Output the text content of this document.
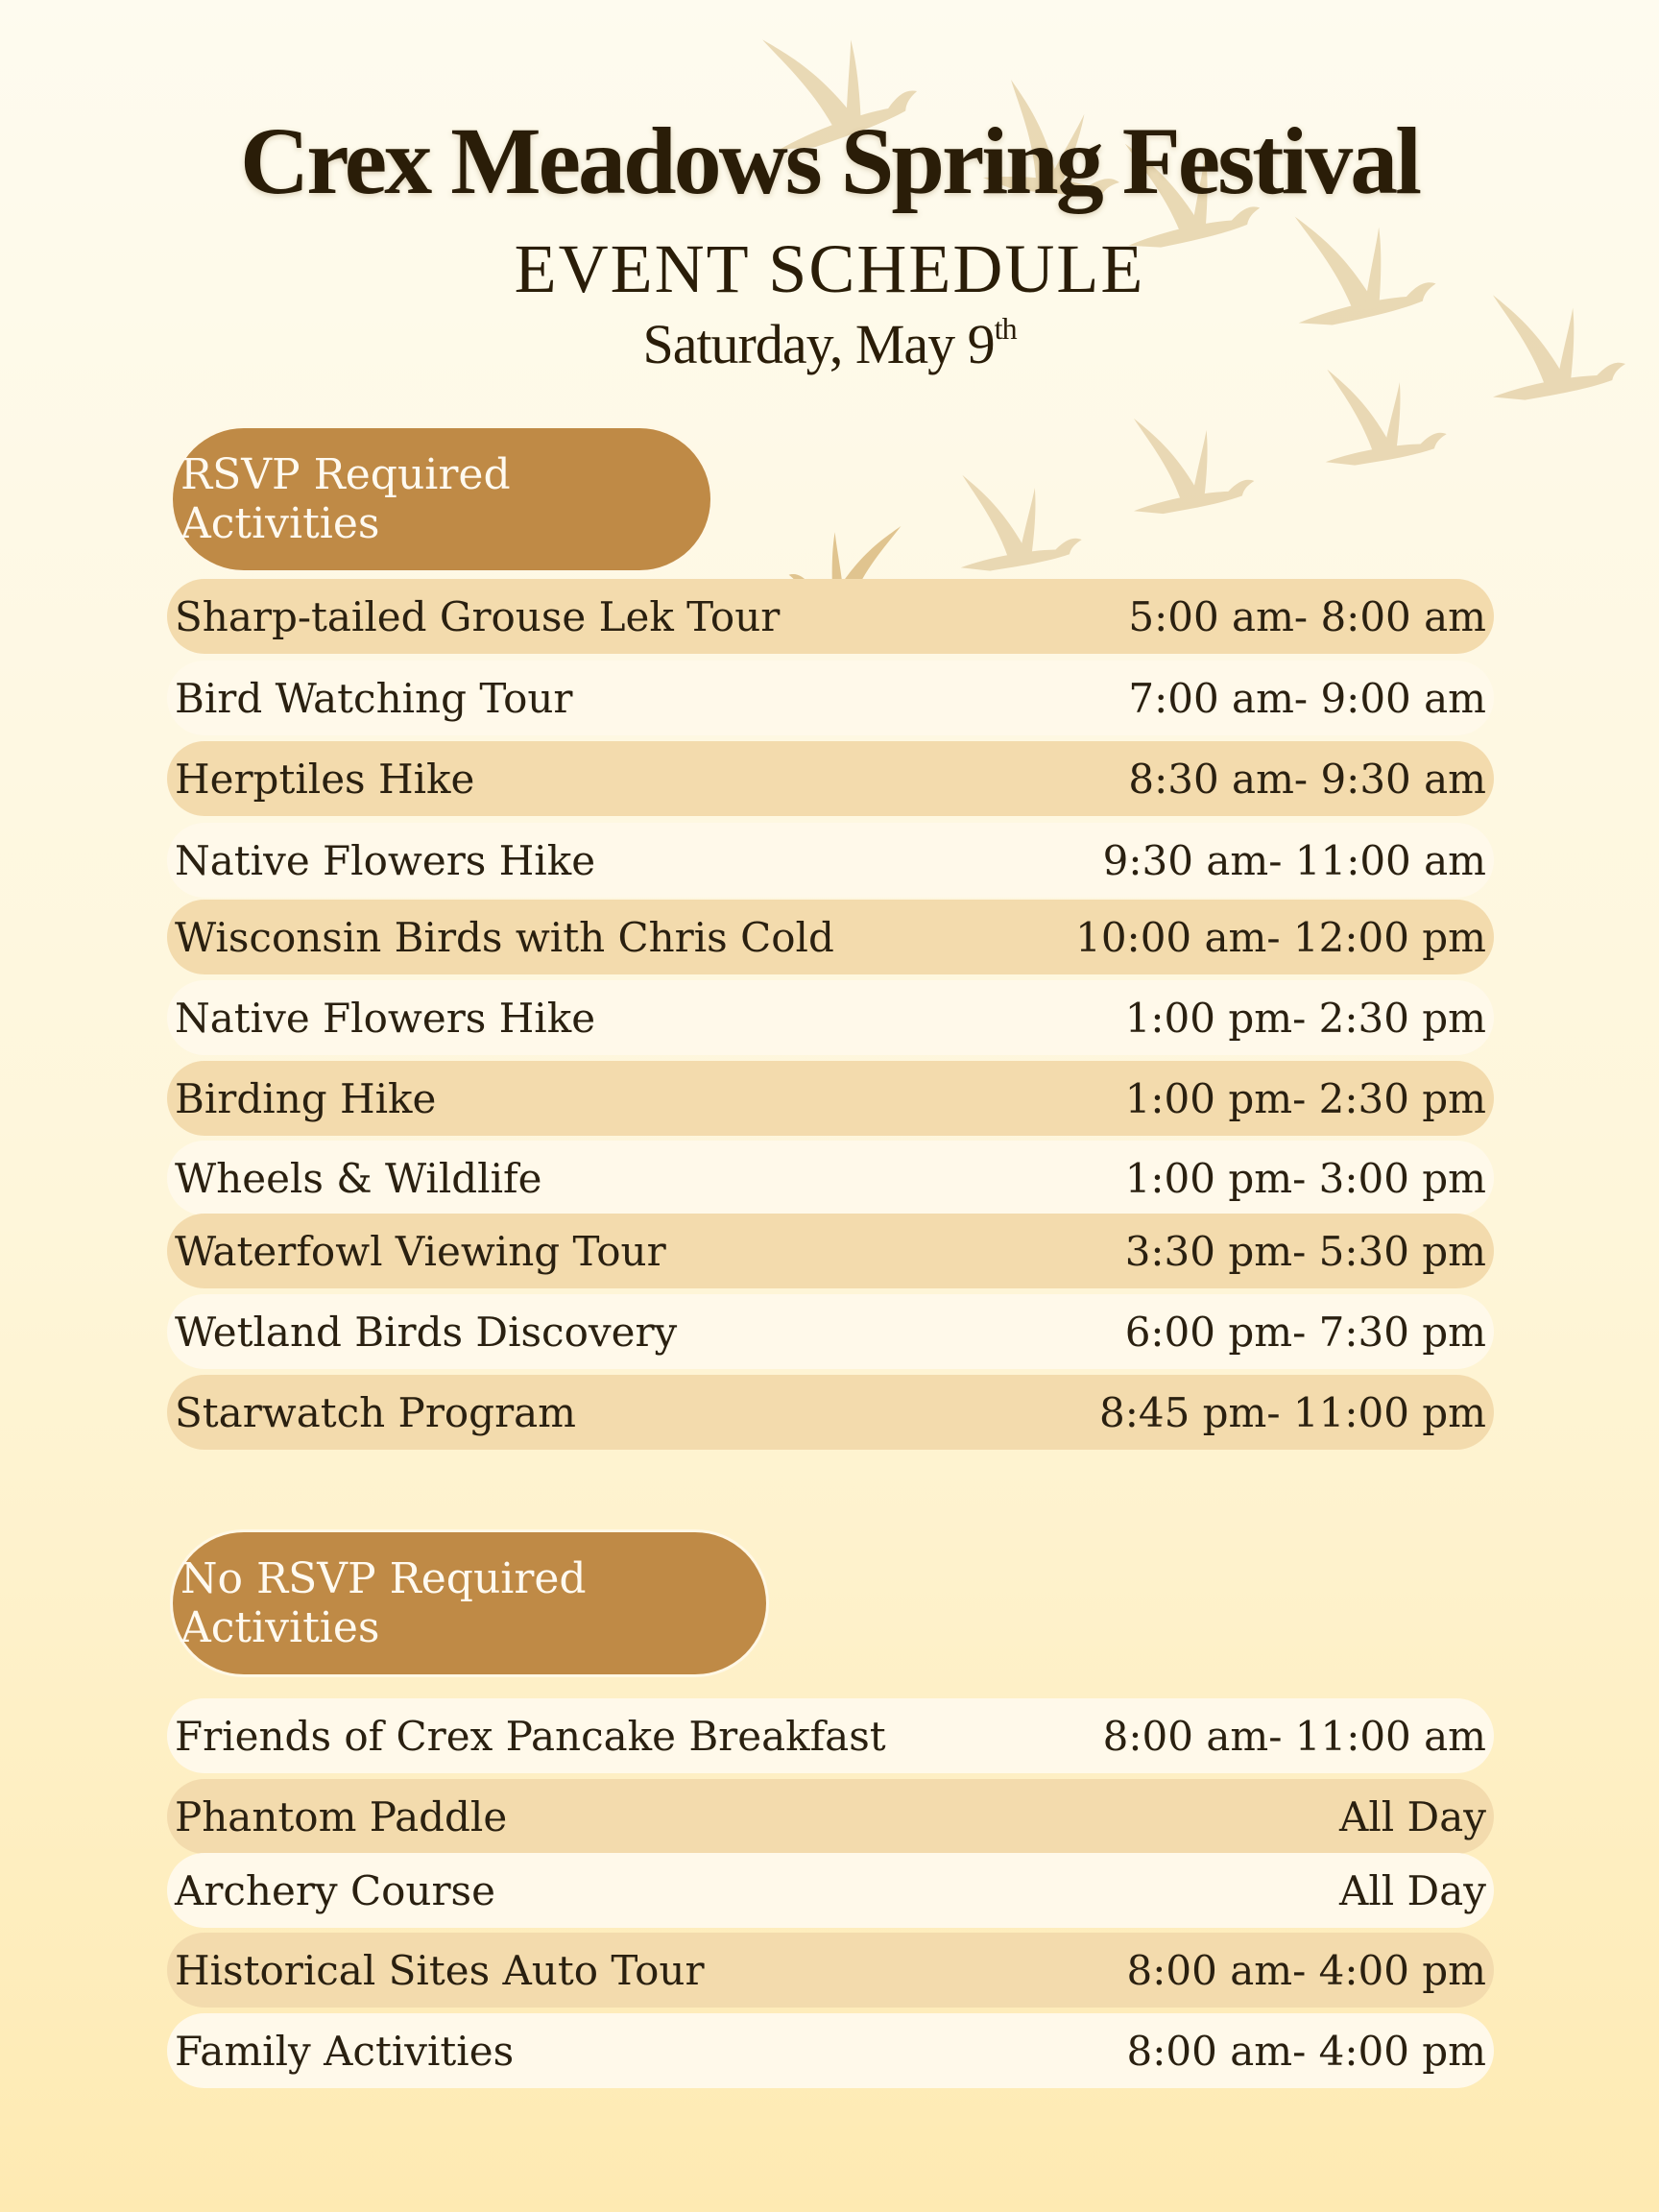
Crex Meadows Spring Festival
EVENT SCHEDULE
Saturday, May 9th
RSVP Required Activities
No RSVP Required Activities
Sharp-tailed Grouse Lek Tour	5:00 am- 8:00 am
Bird Watching Tour	7:00 am- 9:00 am
Herptiles Hike	8:30 am- 9:30 am
Native Flowers Hike	9:30 am- 11:00 am
Wisconsin Birds with Chris Cold	10:00 am- 12:00 pm
Native Flowers Hike	1:00 pm- 2:30 pm
Birding Hike	1:00 pm- 2:30 pm
Wheels & Wildlife	1:00 pm- 3:00 pm
Waterfowl Viewing Tour	3:30 pm- 5:30 pm
Wetland Birds Discovery	6:00 pm- 7:30 pm
Starwatch Program	8:45 pm- 11:00 pm
Friends of Crex Pancake Breakfast	8:00 am- 11:00 am
Phantom Paddle	All Day
Archery Course	All Day
Historical Sites Auto Tour	8:00 am- 4:00 pm
Family Activities	8:00 am- 4:00 pm
